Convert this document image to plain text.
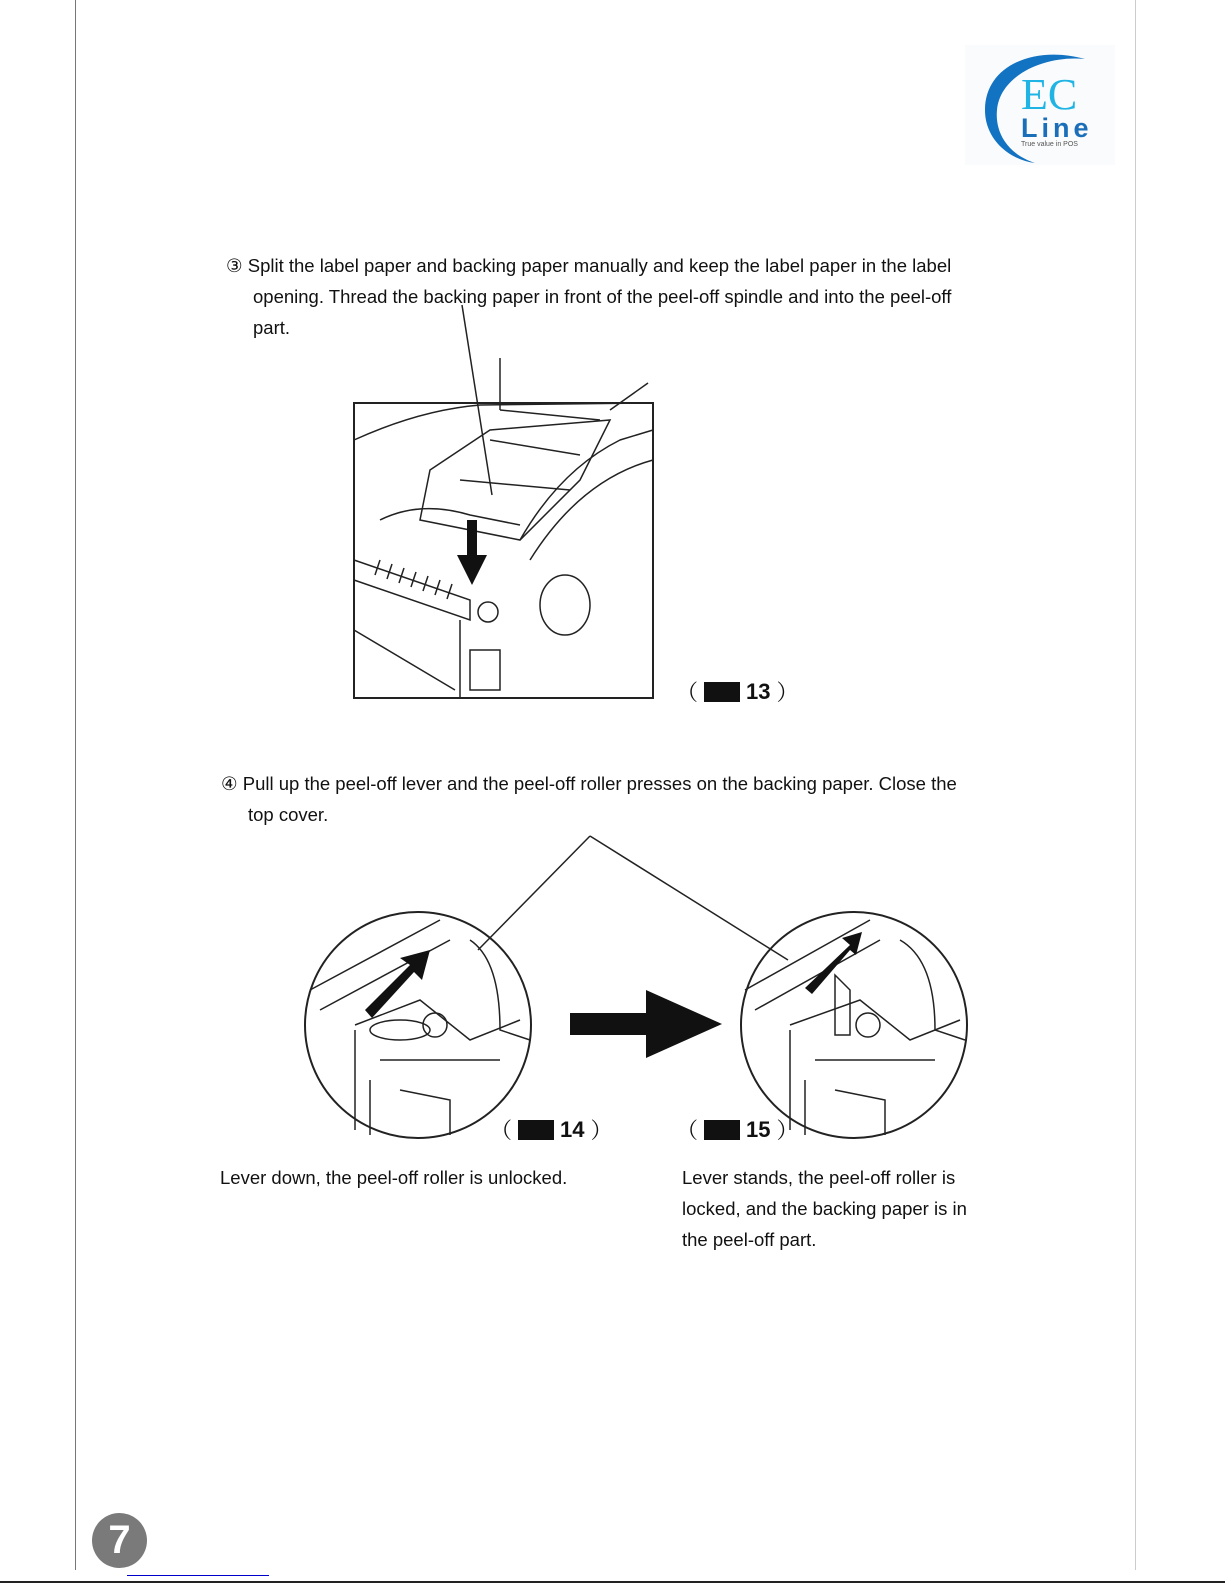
EC
Line
True value in POS
③ Split the label paper and backing paper manually and keep the label paper in the label
opening. Thread the backing paper in front of the peel-off spindle and into the peel-off
part.
（ 13 ）
④ Pull up the peel-off lever and the peel-off roller presses on the backing paper. Close the
top cover.
（ 14 ）	（ 15 ）
Lever down, the peel-off roller is unlocked.	Lever stands, the peel-off roller is
locked, and the backing paper is in
the peel-off part.
7
